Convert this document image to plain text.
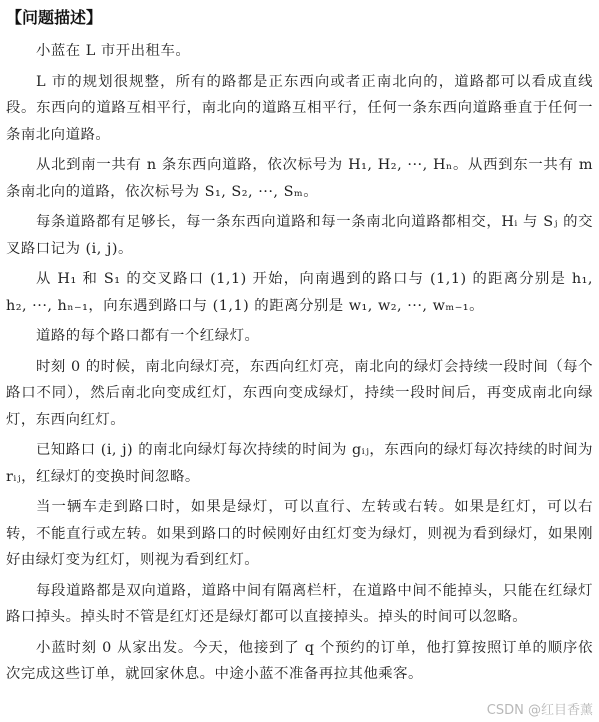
【问题描述】

小蓝在 L 市开出租车。

L 市的规划很规整，所有的路都是正东西向或者正南北向的，道路都可以看成直线段。东西向的道路互相平行，南北向的道路互相平行，任何一条东西向道路垂直于任何一条南北向道路。

从北到南一共有 n 条东西向道路，依次标号为 H₁, H₂, ···, Hₙ。从西到东一共有 m 条南北向的道路，依次标号为 S₁, S₂, ···, Sₘ。

每条道路都有足够长，每一条东西向道路和每一条南北向道路都相交，Hᵢ 与 Sⱼ 的交叉路口记为 (i, j)。

从 H₁ 和 S₁ 的交叉路口 (1,1) 开始，向南遇到的路口与 (1,1) 的距离分别是 h₁, h₂, ···, hₙ₋₁，向东遇到路口与 (1,1) 的距离分别是 w₁, w₂, ···, wₘ₋₁。

道路的每个路口都有一个红绿灯。

时刻 0 的时候，南北向绿灯亮，东西向红灯亮，南北向的绿灯会持续一段时间（每个路口不同），然后南北向变成红灯，东西向变成绿灯，持续一段时间后，再变成南北向绿灯，东西向红灯。

已知路口 (i, j) 的南北向绿灯每次持续的时间为 gᵢⱼ，东西向的绿灯每次持续的时间为 rᵢⱼ，红绿灯的变换时间忽略。

当一辆车走到路口时，如果是绿灯，可以直行、左转或右转。如果是红灯，可以右转，不能直行或左转。如果到路口的时候刚好由红灯变为绿灯，则视为看到绿灯，如果刚好由绿灯变为红灯，则视为看到红灯。

每段道路都是双向道路，道路中间有隔离栏杆，在道路中间不能掉头，只能在红绿灯路口掉头。掉头时不管是红灯还是绿灯都可以直接掉头。掉头的时间可以忽略。

小蓝时刻 0 从家出发。今天，他接到了 q 个预约的订单，他打算按照订单的顺序依次完成这些订单，就回家休息。中途小蓝不准备再拉其他乘客。

CSDN @红目香薰
